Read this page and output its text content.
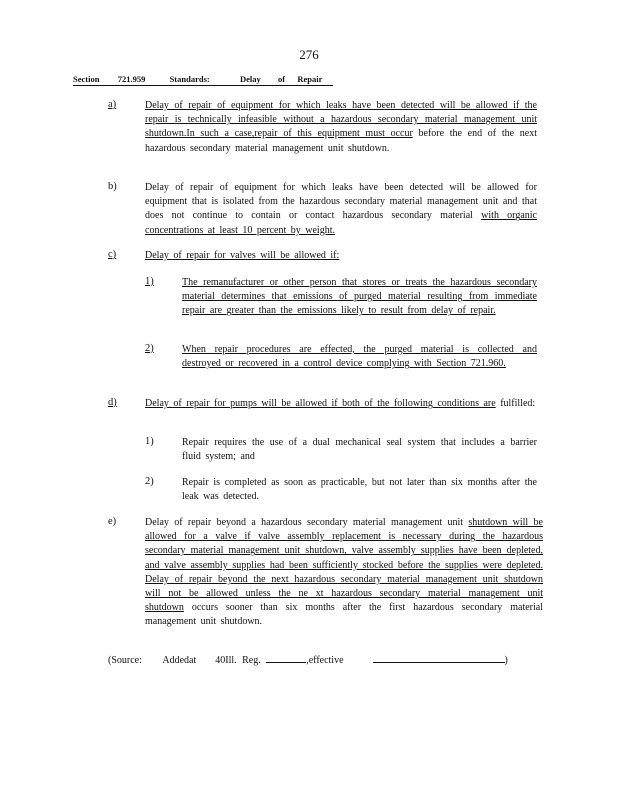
276
Section 721.959	Standards:	Delay of Repair
a)	Delay of repair of equipment for which leaks have been detected will be allowed if the repair is technically infeasible without a hazardous secondary material management unit shutdown.In such a case,repair of this equipment must occur before the end of the next hazardous secondary material management unit shutdown.
b)	Delay of repair of equipment for which leaks have been detected will be allowed for equipment that is isolated from the hazardous secondary material management unit and that does not continue to contain or contact hazardous secondary material with organic concentrations at least 10 percent by weight.
c)	Delay of repair for valves will be allowed if:
1)	The remanufacturer or other person that stores or treats the hazardous secondary material determines that emissions of purged material resulting from immediate repair are greater than the emissions likely to result from delay of repair.
2)	When repair procedures are effected, the purged material is collected and destroyed or recovered in a control device complying with Section 721.960.
d)	Delay of repair for pumps will be allowed if both of the following conditions are fulfilled:
1)	Repair requires the use of a dual mechanical seal system that includes a barrier fluid system; and
2)	Repair is completed as soon as practicable, but not later than six months after the leak was detected.
e)	Delay of repair beyond a hazardous secondary material management unit shutdown will be allowed for a valve if valve assembly replacement is necessary during the hazardous secondary material management unit shutdown, valve assembly supplies have been depleted, and valve assembly supplies had been sufficiently stocked before the supplies were depleted. Delay of repair beyond the next hazardous secondary material management unit shutdown will not be allowed unless the ne xt hazardous secondary material management unit shutdown occurs sooner than six months after the first hazardous secondary material management unit shutdown.
(Source: Addedat 40Ill. Reg.	,effective	)
